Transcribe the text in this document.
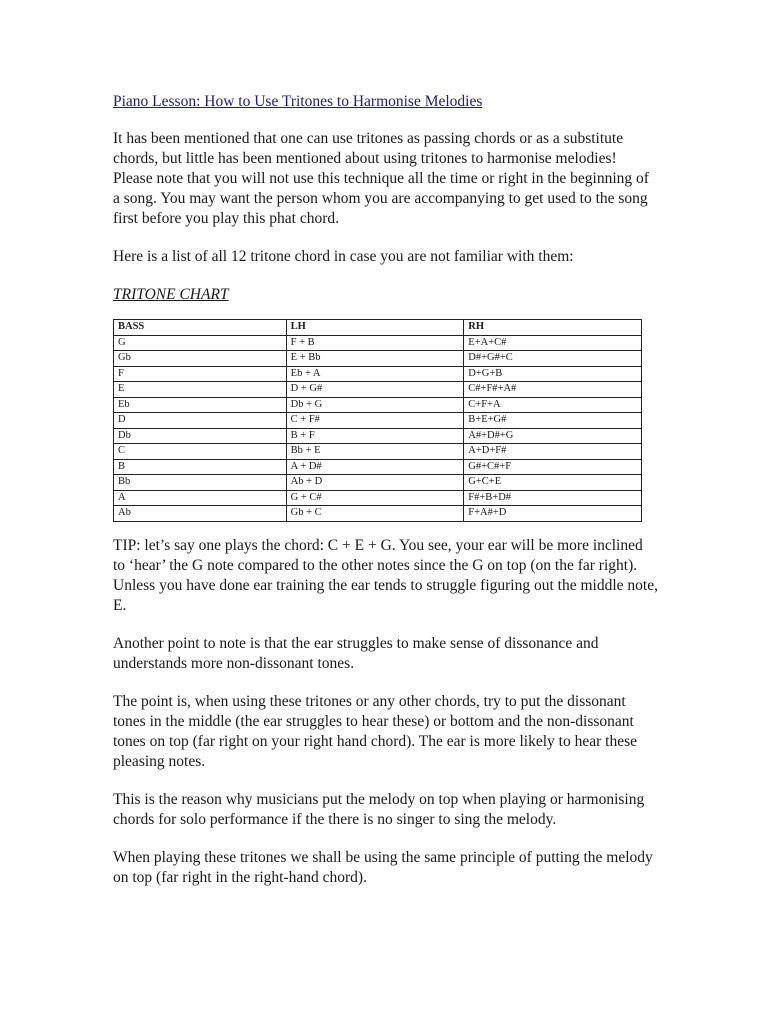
Piano Lesson: How to Use Tritones to Harmonise Melodies

It has been mentioned that one can use tritones as passing chords or as a substitute chords, but little has been mentioned about using tritones to harmonise melodies! Please note that you will not use this technique all the time or right in the beginning of a song. You may want the person whom you are accompanying to get used to the song first before you play this phat chord.

Here is a list of all 12 tritone chord in case you are not familiar with them:

TRITONE CHART
BASS	LH	RH
G	F + B	E+A+C#
Gb	E + Bb	D#+G#+C
F	Eb + A	D+G+B
E	D + G#	C#+F#+A#
Eb	Db + G	C+F+A
D	C + F#	B+E+G#
Db	B + F	A#+D#+G
C	Bb + E	A+D+F#
B	A + D#	G#+C#+F
Bb	Ab + D	G+C+E
A	G + C#	F#+B+D#
Ab	Gb + C	F+A#+D

TIP: let’s say one plays the chord: C + E + G. You see, your ear will be more inclined to ‘hear’ the G note compared to the other notes since the G on top (on the far right). Unless you have done ear training the ear tends to struggle figuring out the middle note, E.

Another point to note is that the ear struggles to make sense of dissonance and understands more non-dissonant tones.

The point is, when using these tritones or any other chords, try to put the dissonant tones in the middle (the ear struggles to hear these) or bottom and the non-dissonant tones on top (far right on your right hand chord). The ear is more likely to hear these pleasing notes.

This is the reason why musicians put the melody on top when playing or harmonising chords for solo performance if the there is no singer to sing the melody.

When playing these tritones we shall be using the same principle of putting the melody on top (far right in the right-hand chord).
